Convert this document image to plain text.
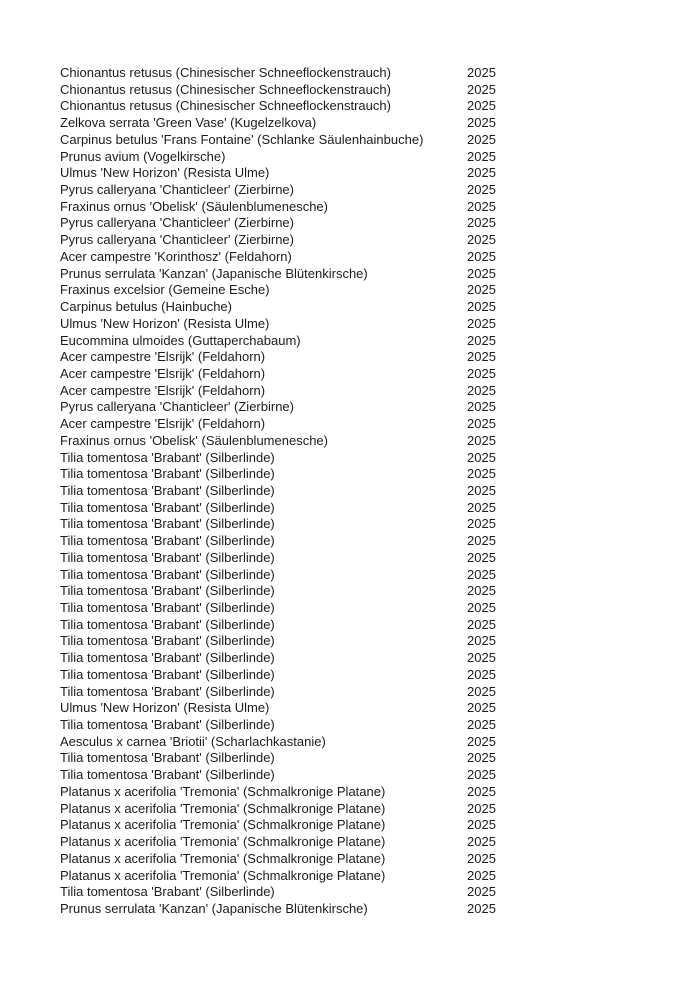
Chionantus retusus (Chinesischer Schneeflockenstrauch)	2025
Chionantus retusus (Chinesischer Schneeflockenstrauch)	2025
Chionantus retusus (Chinesischer Schneeflockenstrauch)	2025
Zelkova serrata 'Green Vase' (Kugelzelkova)	2025
Carpinus betulus 'Frans Fontaine' (Schlanke Säulenhainbuche)	2025
Prunus avium (Vogelkirsche)	2025
Ulmus 'New Horizon' (Resista Ulme)	2025
Pyrus calleryana 'Chanticleer' (Zierbirne)	2025
Fraxinus ornus 'Obelisk' (Säulenblumenesche)	2025
Pyrus calleryana 'Chanticleer' (Zierbirne)	2025
Pyrus calleryana 'Chanticleer' (Zierbirne)	2025
Acer campestre 'Korinthosz' (Feldahorn)	2025
Prunus serrulata 'Kanzan' (Japanische Blütenkirsche)	2025
Fraxinus excelsior (Gemeine Esche)	2025
Carpinus betulus (Hainbuche)	2025
Ulmus 'New Horizon' (Resista Ulme)	2025
Eucommina ulmoides (Guttaperchabaum)	2025
Acer campestre 'Elsrijk' (Feldahorn)	2025
Acer campestre 'Elsrijk' (Feldahorn)	2025
Acer campestre 'Elsrijk' (Feldahorn)	2025
Pyrus calleryana 'Chanticleer' (Zierbirne)	2025
Acer campestre 'Elsrijk' (Feldahorn)	2025
Fraxinus ornus 'Obelisk' (Säulenblumenesche)	2025
Tilia tomentosa 'Brabant' (Silberlinde)	2025
Tilia tomentosa 'Brabant' (Silberlinde)	2025
Tilia tomentosa 'Brabant' (Silberlinde)	2025
Tilia tomentosa 'Brabant' (Silberlinde)	2025
Tilia tomentosa 'Brabant' (Silberlinde)	2025
Tilia tomentosa 'Brabant' (Silberlinde)	2025
Tilia tomentosa 'Brabant' (Silberlinde)	2025
Tilia tomentosa 'Brabant' (Silberlinde)	2025
Tilia tomentosa 'Brabant' (Silberlinde)	2025
Tilia tomentosa 'Brabant' (Silberlinde)	2025
Tilia tomentosa 'Brabant' (Silberlinde)	2025
Tilia tomentosa 'Brabant' (Silberlinde)	2025
Tilia tomentosa 'Brabant' (Silberlinde)	2025
Tilia tomentosa 'Brabant' (Silberlinde)	2025
Tilia tomentosa 'Brabant' (Silberlinde)	2025
Ulmus 'New Horizon' (Resista Ulme)	2025
Tilia tomentosa 'Brabant' (Silberlinde)	2025
Aesculus x carnea 'Briotii' (Scharlachkastanie)	2025
Tilia tomentosa 'Brabant' (Silberlinde)	2025
Tilia tomentosa 'Brabant' (Silberlinde)	2025
Platanus x acerifolia 'Tremonia' (Schmalkronige Platane)	2025
Platanus x acerifolia 'Tremonia' (Schmalkronige Platane)	2025
Platanus x acerifolia 'Tremonia' (Schmalkronige Platane)	2025
Platanus x acerifolia 'Tremonia' (Schmalkronige Platane)	2025
Platanus x acerifolia 'Tremonia' (Schmalkronige Platane)	2025
Platanus x acerifolia 'Tremonia' (Schmalkronige Platane)	2025
Tilia tomentosa 'Brabant' (Silberlinde)	2025
Prunus serrulata 'Kanzan' (Japanische Blütenkirsche)	2025
